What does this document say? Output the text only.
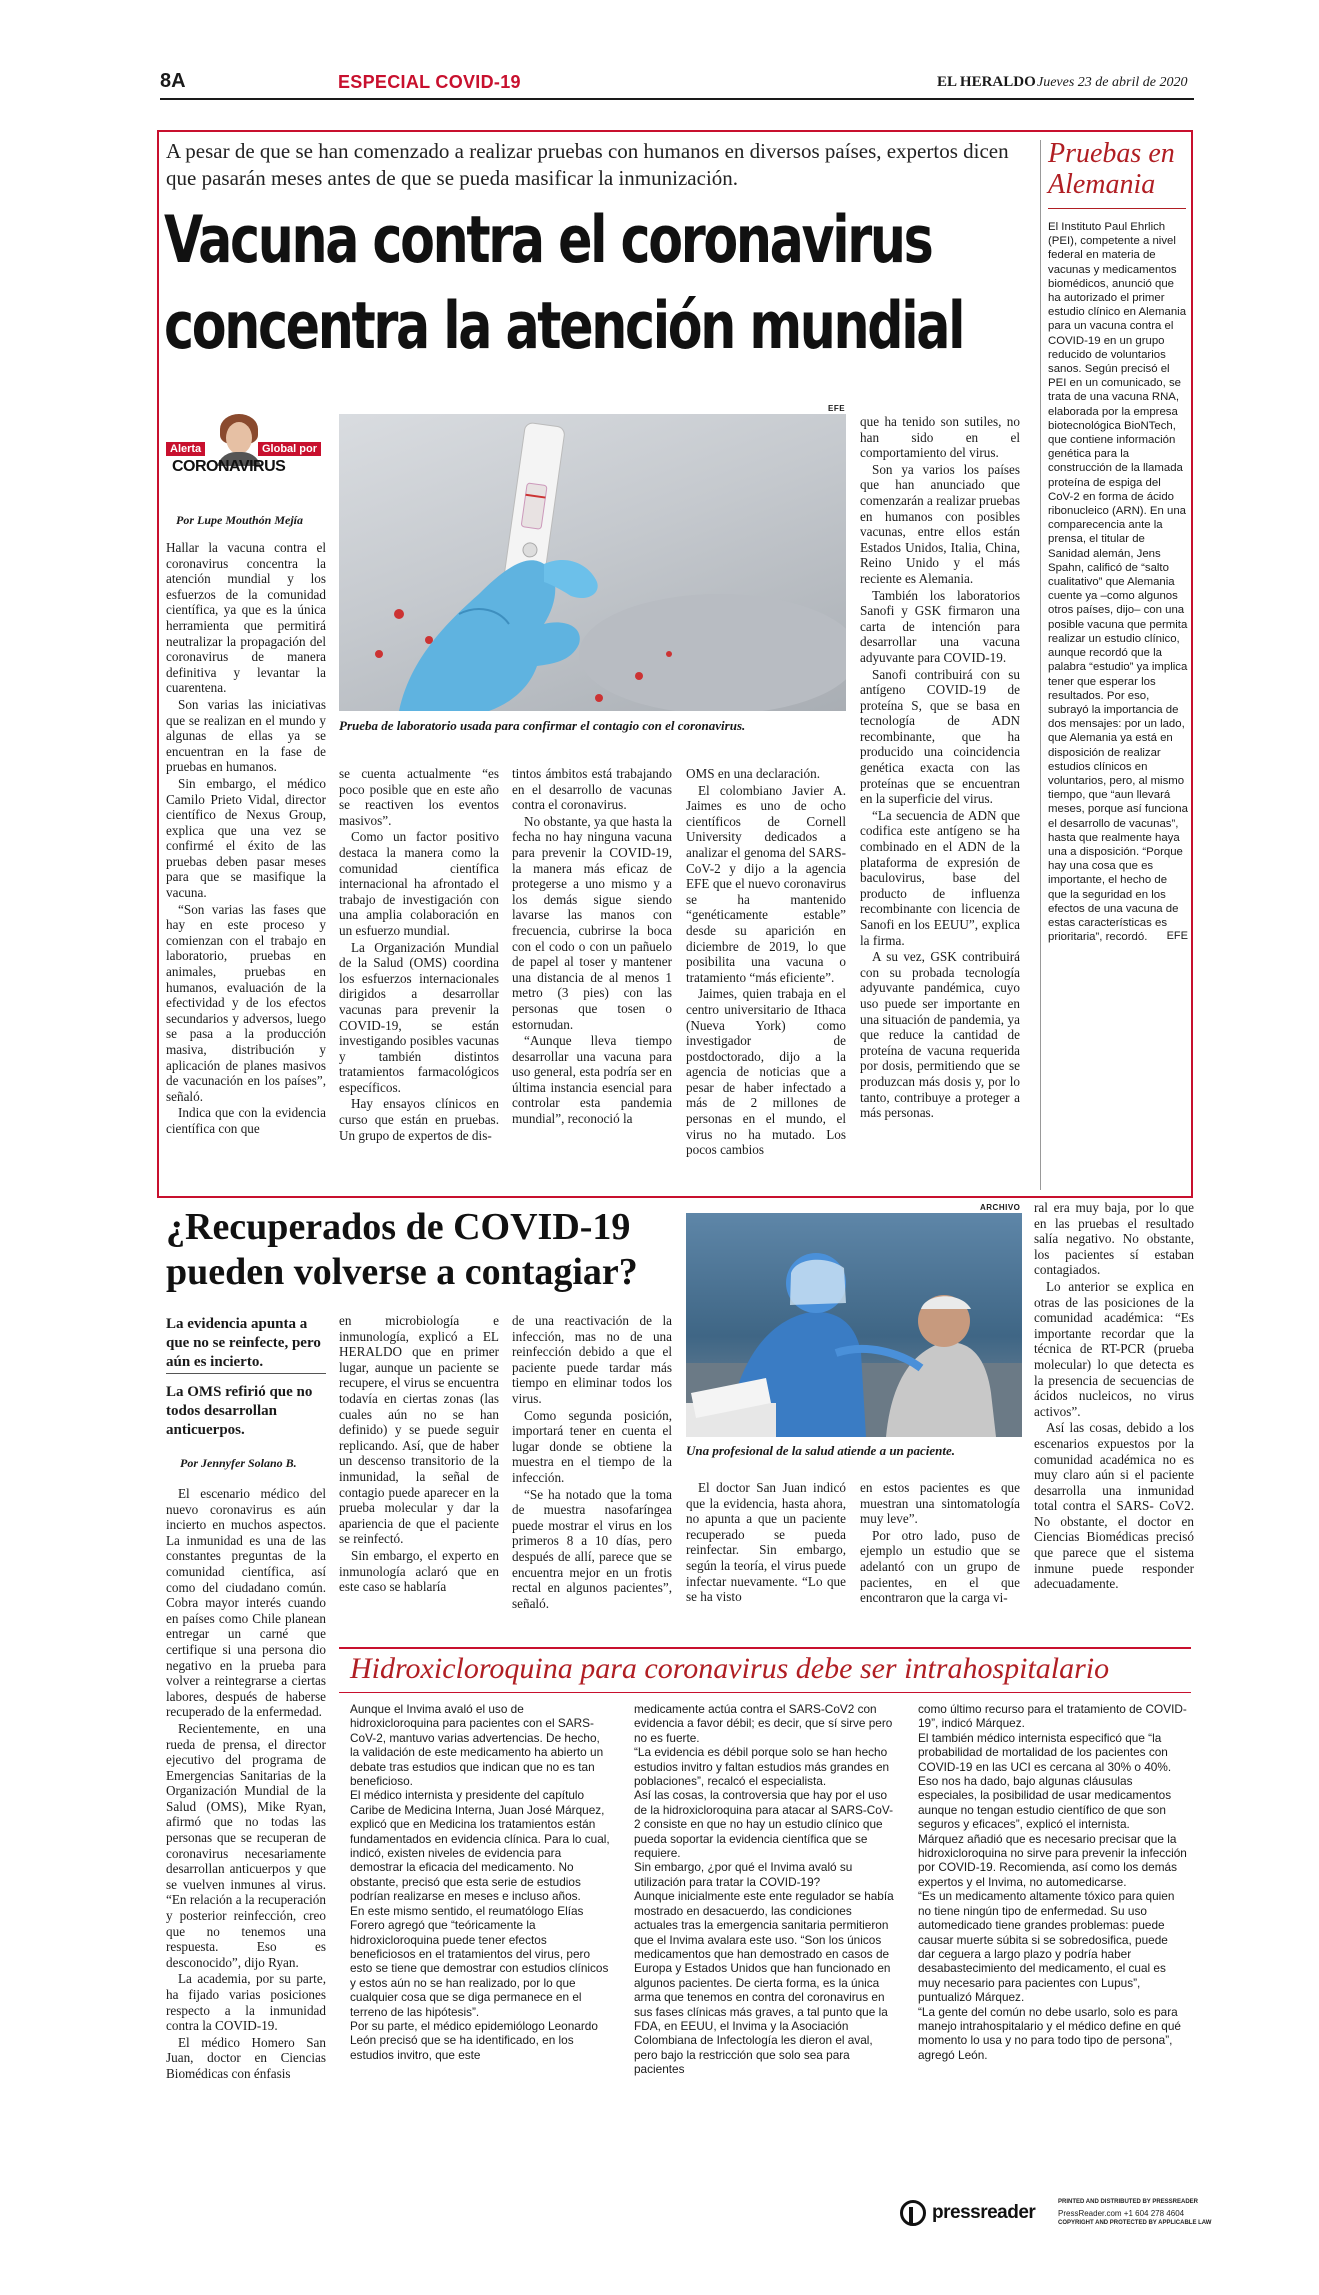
8A	ESPECIAL COVID-19	EL HERALDO Jueves 23 de abril de 2020
A pesar de que se han comenzado a realizar pruebas con humanos en diversos países, expertos dicen que pasarán meses antes de que se pueda masificar la inmunización.
Vacuna contra el coronavirus
concentra la atención mundial
Alerta	Global por
CORONAVIRUS
Por Lupe Mouthón Mejía
EFE
Prueba de laboratorio usada para confirmar el contagio con el coronavirus.

Hallar la vacuna contra el coronavirus concentra la atención mundial y los esfuerzos de la comunidad científica, ya que es la única herramienta que permitirá neutralizar la propagación del coronavirus de manera definitiva y levantar la cuarentena.

Son varias las iniciativas que se realizan en el mundo y algunas de ellas ya se encuentran en la fase de pruebas en humanos.

Sin embargo, el médico Camilo Prieto Vidal, director científico de Nexus Group, explica que una vez se confirmé el éxito de las pruebas deben pasar meses para que se masifique la vacuna.

“Son varias las fases que hay en este proceso y comienzan con el trabajo en laboratorio, pruebas en animales, pruebas en humanos, evaluación de la efectividad y de los efectos secundarios y adversos, luego se pasa a la producción masiva, distribución y aplicación de planes masivos de vacunación en los países”, señaló.

Indica que con la evidencia científica con que

se cuenta actualmente “es poco posible que en este año se reactiven los eventos masivos”.

Como un factor positivo destaca la manera como la comunidad científica internacional ha afrontado el trabajo de investigación con una amplia colaboración en un esfuerzo mundial.

La Organización Mundial de la Salud (OMS) coordina los esfuerzos internacionales dirigidos a desarrollar vacunas para prevenir la COVID-19, se están investigando posibles vacunas y también distintos tratamientos farmacológicos específicos.

Hay ensayos clínicos en curso que están en pruebas. Un grupo de expertos de dis-

tintos ámbitos está trabajando en el desarrollo de vacunas contra el coronavirus.

No obstante, ya que hasta la fecha no hay ninguna vacuna para prevenir la COVID-19, la manera más eficaz de protegerse a uno mismo y a los demás sigue siendo lavarse las manos con frecuencia, cubrirse la boca con el codo o con un pañuelo de papel al toser y mantener una distancia de al menos 1 metro (3 pies) con las personas que tosen o estornudan.

“Aunque lleva tiempo desarrollar una vacuna para uso general, esta podría ser en última instancia esencial para controlar esta pandemia mundial”, reconoció la

OMS en una declaración.

El colombiano Javier A. Jaimes es uno de ocho científicos de Cornell University dedicados a analizar el genoma del SARS-CoV-2 y dijo a la agencia EFE que el nuevo coronavirus se ha mantenido “genéticamente estable” desde su aparición en diciembre de 2019, lo que posibilita una vacuna o tratamiento “más eficiente”.

Jaimes, quien trabaja en el centro universitario de Ithaca (Nueva York) como investigador de postdoctorado, dijo a la agencia de noticias que a pesar de haber infectado a más de 2 millones de personas en el mundo, el virus no ha mutado. Los pocos cambios

que ha tenido son sutiles, no han sido en el comportamiento del virus.

Son ya varios los países que han anunciado que comenzarán a realizar pruebas en humanos con posibles vacunas, entre ellos están Estados Unidos, Italia, China, Reino Unido y el más reciente es Alemania.

También los laboratorios Sanofi y GSK firmaron una carta de intención para desarrollar una vacuna adyuvante para COVID-19.

Sanofi contribuirá con su antígeno COVID-19 de proteína S, que se basa en tecnología de ADN recombinante, que ha producido una coincidencia genética exacta con las proteínas que se encuentran en la superficie del virus.

“La secuencia de ADN que codifica este antígeno se ha combinado en el ADN de la plataforma de expresión de baculovirus, base del producto de influenza recombinante con licencia de Sanofi en los EEUU”, explica la firma.

A su vez, GSK contribuirá con su probada tecnología adyuvante pandémica, cuyo uso puede ser importante en una situación de pandemia, ya que reduce la cantidad de proteína de vacuna requerida por dosis, permitiendo que se produzcan más dosis y, por lo tanto, contribuye a proteger a más personas.

Pruebas en
Alemania

El Instituto Paul Ehrlich (PEI), competente a nivel federal en materia de vacunas y medicamentos biomédicos, anunció que ha autorizado el primer estudio clínico en Alemania para un vacuna contra el COVID-19 en un grupo reducido de voluntarios sanos. Según precisó el PEI en un comunicado, se trata de una vacuna RNA, elaborada por la empresa biotecnológica BioNTech, que contiene información genética para la construcción de la llamada proteína de espiga del CoV-2 en forma de ácido ribonucleico (ARN). En una comparecencia ante la prensa, el titular de Sanidad alemán, Jens Spahn, calificó de “salto cualitativo” que Alemania cuente ya –como algunos otros países, dijo– con una posible vacuna que permita realizar un estudio clínico, aunque recordó que la palabra “estudio” ya implica tener que esperar los resultados. Por eso, subrayó la importancia de dos mensajes: por un lado, que Alemania ya está en disposición de realizar estudios clínicos en voluntarios, pero, al mismo tiempo, que “aun llevará meses, porque así funciona el desarrollo de vacunas”, hasta que realmente haya una a disposición. “Porque hay una cosa que es importante, el hecho de que la seguridad en los efectos de una vacuna de estas características es prioritaria”, recordó.	EFE
¿Recuperados de COVID-19
pueden volverse a contagiar?
La evidencia apunta a que no se reinfecte, pero aún es incierto.
La OMS refirió que no todos desarrollan anticuerpos.
Por Jennyfer Solano B.

El escenario médico del nuevo coronavirus es aún incierto en muchos aspectos. La inmunidad es una de las constantes preguntas de la comunidad científica, así como del ciudadano común. Cobra mayor interés cuando en países como Chile planean entregar un carné que certifique si una persona dio negativo en la prueba para volver a reintegrarse a ciertas labores, después de haberse recuperado de la enfermedad.

Recientemente, en una rueda de prensa, el director ejecutivo del programa de Emergencias Sanitarias de la Organización Mundial de la Salud (OMS), Mike Ryan, afirmó que no todas las personas que se recuperan de coronavirus necesariamente desarrollan anticuerpos y que se vuelven inmunes al virus. “En relación a la recuperación y posterior reinfección, creo que no tenemos una respuesta. Eso es desconocido”, dijo Ryan.

La academia, por su parte, ha fijado varias posiciones respecto a la inmunidad contra la COVID-19.

El médico Homero San Juan, doctor en Ciencias Biomédicas con énfasis

en microbiología e inmunología, explicó a EL HERALDO que en primer lugar, aunque un paciente se recupere, el virus se encuentra todavía en ciertas zonas (las cuales aún no se han definido) y se puede seguir replicando. Así, que de haber un descenso transitorio de la inmunidad, la señal de contagio puede aparecer en la prueba molecular y dar la apariencia de que el paciente se reinfectó.

Sin embargo, el experto en inmunología aclaró que en este caso se hablaría

de una reactivación de la infección, mas no de una reinfección debido a que el paciente puede tardar más tiempo en eliminar todos los virus.

Como segunda posición, importará tener en cuenta el lugar donde se obtiene la muestra en el tiempo de la infección.

“Se ha notado que la toma de muestra nasofaríngea puede mostrar el virus en los primeros 8 a 10 días, pero después de allí, parece que se encuentra mejor en un frotis rectal en algunos pacientes”, señaló.

ARCHIVO
Una profesional de la salud atiende a un paciente.

El doctor San Juan indicó que la evidencia, hasta ahora, no apunta a que un paciente recuperado se pueda reinfectar. Sin embargo, según la teoría, el virus puede infectar nuevamente. “Lo que se ha visto

en estos pacientes es que muestran una sintomatología muy leve”.

Por otro lado, puso de ejemplo un estudio que se adelantó con un grupo de pacientes, en el que encontraron que la carga vi-

ral era muy baja, por lo que en las pruebas el resultado salía negativo. No obstante, los pacientes sí estaban contagiados.

Lo anterior se explica en otras de las posiciones de la comunidad académica: “Es importante recordar que la técnica de RT-PCR (prueba molecular) lo que detecta es la presencia de secuencias de ácidos nucleicos, no virus activos”.

Así las cosas, debido a los escenarios expuestos por la comunidad académica no es muy claro aún si el paciente desarrolla una inmunidad total contra el SARS- CoV2. No obstante, el doctor en Ciencias Biomédicas precisó que parece que el sistema inmune puede responder adecuadamente.

Hidroxicloroquina para coronavirus debe ser intrahospitalario

Aunque el Invima avaló el uso de hidroxicloroquina para pacientes con el SARS-CoV-2, mantuvo varias advertencias. De hecho, la validación de este medicamento ha abierto un debate tras estudios que indican que no es tan beneficioso.

El médico internista y presidente del capítulo Caribe de Medicina Interna, Juan José Márquez, explicó que en Medicina los tratamientos están fundamentados en evidencia clínica. Para lo cual, indicó, existen niveles de evidencia para demostrar la eficacia del medicamento. No obstante, precisó que esta serie de estudios podrían realizarse en meses e incluso años.

En este mismo sentido, el reumatólogo Elías Forero agregó que “teóricamente la hidroxicloroquina puede tener efectos beneficiosos en el tratamientos del virus, pero esto se tiene que demostrar con estudios clínicos y estos aún no se han realizado, por lo que cualquier cosa que se diga permanece en el terreno de las hipótesis”.

Por su parte, el médico epidemiólogo Leonardo León precisó que se ha identificado, en los estudios invitro, que este

medicamente actúa contra el SARS-CoV2 con evidencia a favor débil; es decir, que sí sirve pero no es fuerte.

“La evidencia es débil porque solo se han hecho estudios invitro y faltan estudios más grandes en poblaciones”, recalcó el especialista.

Así las cosas, la controversia que hay por el uso de la hidroxicloroquina para atacar al SARS-CoV-2 consiste en que no hay un estudio clínico que pueda soportar la evidencia científica que se requiere.

Sin embargo, ¿por qué el Invima avaló su utilización para tratar la COVID-19?

Aunque inicialmente este ente regulador se había mostrado en desacuerdo, las condiciones actuales tras la emergencia sanitaria permitieron que el Invima avalara este uso. “Son los únicos medicamentos que han demostrado en casos de Europa y Estados Unidos que han funcionado en algunos pacientes. De cierta forma, es la única arma que tenemos en contra del coronavirus en sus fases clínicas más graves, a tal punto que la FDA, en EEUU, el Invima y la Asociación Colombiana de Infectología les dieron el aval, pero bajo la restricción que solo sea para pacientes

como último recurso para el tratamiento de COVID-19”, indicó Márquez.

El también médico internista especificó que “la probabilidad de mortalidad de los pacientes con COVID-19 en las UCI es cercana al 30% o 40%. Eso nos ha dado, bajo algunas cláusulas especiales, la posibilidad de usar medicamentos aunque no tengan estudio científico de que son seguros y eficaces”, explicó el internista.

Márquez añadió que es necesario precisar que la hidroxicloroquina no sirve para prevenir la infección por COVID-19. Recomienda, así como los demás expertos y el Invima, no automedicarse.

“Es un medicamento altamente tóxico para quien no tiene ningún tipo de enfermedad. Su uso automedicado tiene grandes problemas: puede causar muerte súbita si se sobredosifica, puede dar ceguera a largo plazo y podría haber desabastecimiento del medicamento, el cual es muy necesario para pacientes con Lupus”, puntualizó Márquez.

“La gente del común no debe usarlo, solo es para manejo intrahospitalario y el médico define en qué momento lo usa y no para todo tipo de persona”, agregó León.

pressreader	PRINTED AND DISTRIBUTED BY PRESSREADER
PressReader.com +1 604 278 4604
COPYRIGHT AND PROTECTED BY APPLICABLE LAW
